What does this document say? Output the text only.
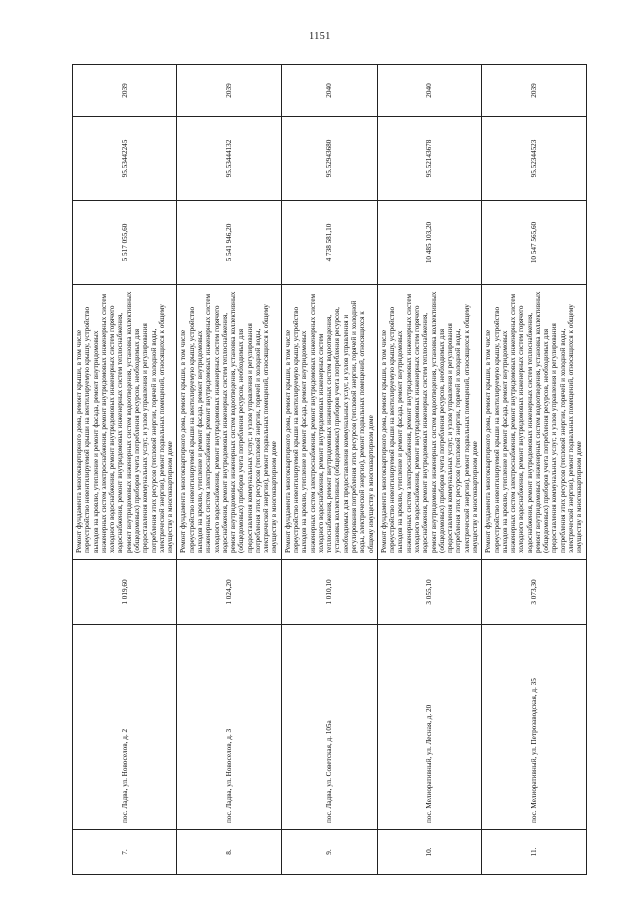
1151
7.	пос. Ладва, ул. Новоселов, д. 2	1 019,60	Ремонт фундамента многоквартирного дома, ремонт крыши, в том числе переустройство невентилируемой крыши на вентилируемую крышу, устройство выходов на кровлю, утепление и ремонт фасада, ремонт внутридомовых инженерных систем электроснабжения, ремонт внутридомовых инженерных систем холодного водоснабжения, ремонт внутридомовых инженерных систем горячего водоснабжения, ремонт внутридомовых инженерных систем теплоснабжения, ремонт внутридомовых инженерных систем водоотведения, установка коллективных (общедомовых) приборов учета потребления ресурсов, необходимых для предоставления коммунальных услуг, и узлов управления и регулирования потребления этих ресурсов (тепловой энергии, горячей и холодной воды, электрической энергии), ремонт подвальных помещений, относящихся к общему имуществу в многоквартирном доме	5 517 055,60	95.53442245	2039
8.	пос. Ладва, ул. Новоселов, д. 3	1 024,20	Ремонт фундамента многоквартирного дома, ремонт крыши, в том числе переустройство невентилируемой крыши на вентилируемую крышу, устройство выходов на кровлю, утепление и ремонт фасада, ремонт внутридомовых инженерных систем электроснабжения, ремонт внутридомовых инженерных систем холодного водоснабжения, ремонт внутридомовых инженерных систем горячего водоснабжения, ремонт внутридомовых инженерных систем теплоснабжения, ремонт внутридомовых инженерных систем водоотведения, установка коллективных (общедомовых) приборов учета потребления ресурсов, необходимых для предоставления коммунальных услуг, и узлов управления и регулирования потребления этих ресурсов (тепловой энергии, горячей и холодной воды, электрической энергии), ремонт подвальных помещений, относящихся к общему имуществу в многоквартирном доме	5 541 946,20	95.53444132	2039
9.	пос. Ладва, ул. Советская, д. 105а	1 010,10	Ремонт фундамента многоквартирного дома, ремонт крыши, в том числе переустройство невентилируемой крыши на вентилируемую крышу, устройство выходов на кровлю, утепление и ремонт фасада, ремонт внутридомовых инженерных систем электроснабжения, ремонт внутридомовых инженерных систем холодного водоснабжения, ремонт внутридомовых инженерных систем теплоснабжения, ремонт внутридомовых инженерных систем водоотведения, установка коллективных (общедомовых) приборов учета потребления ресурсов, необходимых для предоставления коммунальных услуг, и узлов управления и регулирования потребления этих ресурсов (тепловой энергии, горячей и холодной воды, электрической энергии), ремонт подвальных помещений, относящихся к общему имуществу в многоквартирном доме	4 738 581,10	95.52943680	2040
10.	пос. Мелиоративный, ул. Лесная, д. 20	3 055,10	Ремонт фундамента многоквартирного дома, ремонт крыши, в том числе переустройство невентилируемой крыши на вентилируемую крышу, устройство выходов на кровлю, утепление и ремонт фасада, ремонт внутридомовых инженерных систем электроснабжения, ремонт внутридомовых инженерных систем холодного водоснабжения, ремонт внутридомовых инженерных систем горячего водоснабжения, ремонт внутридомовых инженерных систем теплоснабжения, ремонт внутридомовых инженерных систем водоотведения, установка коллективных (общедомовых) приборов учета потребления ресурсов, необходимых для предоставления коммунальных услуг, и узлов управления и регулирования потребления этих ресурсов (тепловой энергии, горячей и холодной воды, электрической энергии), ремонт подвальных помещений, относящихся к общему имуществу в многоквартирном доме	10 485 103,20	95.52143678	2040
11.	пос. Мелиоративный, ул. Петрозаводская, д. 35	3 073,30	Ремонт фундамента многоквартирного дома, ремонт крыши, в том числе переустройство невентилируемой крыши на вентилируемую крышу, устройство выходов на кровлю, утепление и ремонт фасада, ремонт внутридомовых инженерных систем электроснабжения, ремонт внутридомовых инженерных систем холодного водоснабжения, ремонт внутридомовых инженерных систем горячего водоснабжения, ремонт внутридомовых инженерных систем теплоснабжения, ремонт внутридомовых инженерных систем водоотведения, установка коллективных (общедомовых) приборов учета потребления ресурсов, необходимых для предоставления коммунальных услуг, и узлов управления и регулирования потребления этих ресурсов (тепловой энергии, горячей и холодной воды, электрической энергии), ремонт подвальных помещений, относящихся к общему имуществу в многоквартирном доме	10 547 565,60	95.52344523	2039
